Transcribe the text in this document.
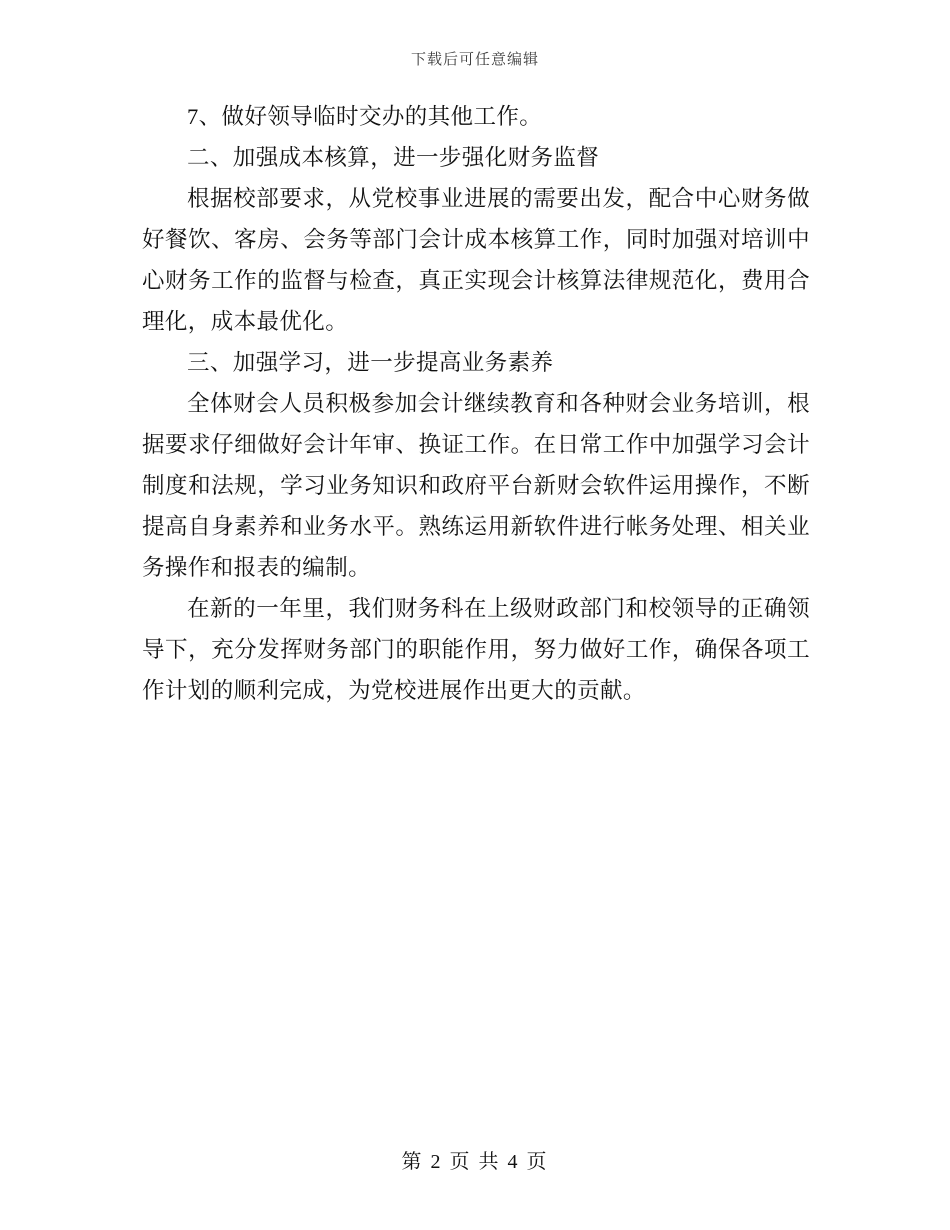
下载后可任意编辑

7、做好领导临时交办的其他工作。

二、加强成本核算，进一步强化财务监督

根据校部要求，从党校事业进展的需要出发，配合中心财务做好餐饮、客房、会务等部门会计成本核算工作，同时加强对培训中心财务工作的监督与检查，真正实现会计核算法律规范化，费用合理化，成本最优化。

三、加强学习，进一步提高业务素养

全体财会人员积极参加会计继续教育和各种财会业务培训，根据要求仔细做好会计年审、换证工作。在日常工作中加强学习会计制度和法规，学习业务知识和政府平台新财会软件运用操作，不断提高自身素养和业务水平。熟练运用新软件进行帐务处理、相关业务操作和报表的编制。

在新的一年里，我们财务科在上级财政部门和校领导的正确领导下，充分发挥财务部门的职能作用，努力做好工作，确保各项工作计划的顺利完成，为党校进展作出更大的贡献。

第 2 页 共 4 页
